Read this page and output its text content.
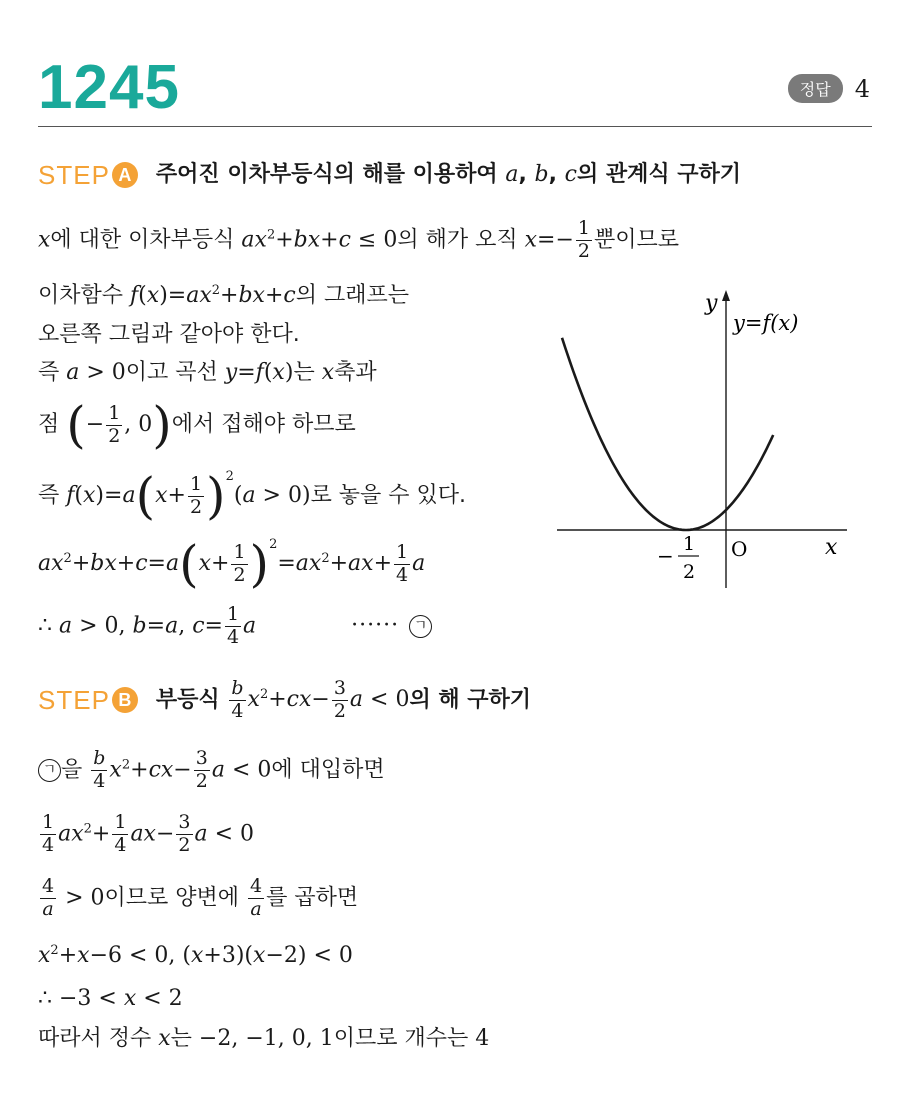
1245	정답	4
STEP A 주어진 이차부등식의 해를 이용하여 a, b, c의 관계식 구하기
x에 대한 이차부등식 $ax^2+bx+c \le 0$의 해가 오직 $x=- \frac{1}{2}$ 뿐이므로
이차함수 $f(x)=ax^2+bx+c$의 그래프는
오른쪽 그림과 같아야 한다.
즉 a > 0이고 곡선 y=f(x)는 x축과
점 (− $\frac{1}{2}$ , 0)에서 접해야 하므로
즉 $f(x)=a(x+ \frac{1}{2} )^2(a > 0)$로 놓을 수 있다.
$ax^2+bx+c=a(x+ \frac{1}{2} )^2=ax^2+ax+ \frac{1}{4}$ a
∴ a > 0, b=a, $c= \frac{1}{4}$ a	······ ㄱ
y
x
O
y=f(x)
− 1
2
STEP B 부등식 $\frac{b}{4} x^2+cx- \frac{3}{2}$ a < 0의 해 구하기
ㄱ 을 $\frac{b}{4} x^2+cx- \frac{3}{2}$ a < 0에 대입하면
$\frac{1}{4} ax^2+ \frac{1}{4} ax- \frac{3}{2}$ a < 0
$\frac{4}{a} > 0$이므로 양변에 $\frac{4}{a}$ 를 곱하면
$x^2+x-6 < 0$, (x+3)(x−2) < 0
∴ −3 < x < 2
따라서 정수 x는 −2, −1, 0, 1이므로 개수는 4
